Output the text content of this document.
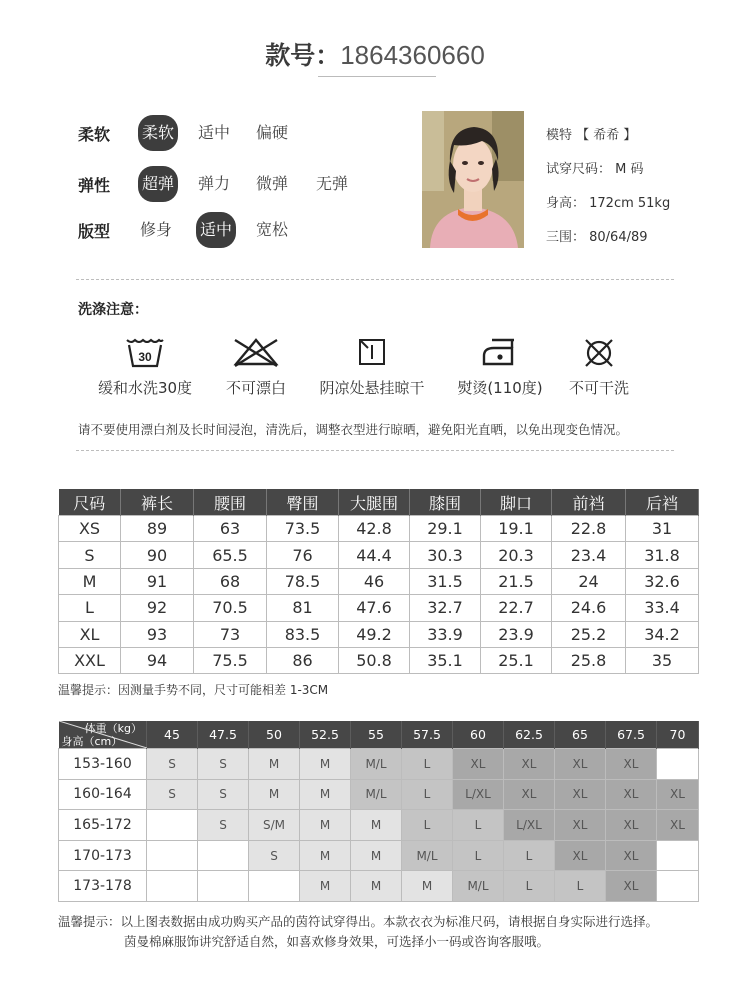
款号：1864360660
柔软 柔软 适中 偏硬
弹性 超弹 弹力 微弹 无弹
版型 修身 适中 宽松
模特 【 希希 】
试穿尺码： M 码
身高： 172cm 51kg
三围： 80/64/89
洗涤注意：
30
缓和水洗30度	不可漂白	阴凉处悬挂晾干	熨烫(110度)	不可干洗
请不要使用漂白剂及长时间浸泡，清洗后，调整衣型进行晾晒，避免阳光直晒，以免出现变色情况。
尺码	裤长	腰围	臀围	大腿围	膝围	脚口	前裆	后裆
XS	89	63	73.5	42.8	29.1	19.1	22.8	31
S	90	65.5	76	44.4	30.3	20.3	23.4	31.8
M	91	68	78.5	46	31.5	21.5	24	32.6
L	92	70.5	81	47.6	32.7	22.7	24.6	33.4
XL	93	73	83.5	49.2	33.9	23.9	25.2	34.2
XXL	94	75.5	86	50.8	35.1	25.1	25.8	35
温馨提示：因测量手势不同，尺寸可能相差 1-3CM
体重（kg）
身高（cm）	45	47.5	50	52.5	55	57.5	60	62.5	65	67.5	70
153-160	S	S	M	M	M/L	L	XL	XL	XL	XL	
160-164	S	S	M	M	M/L	L	L/XL	XL	XL	XL	XL
165-172		S	S/M	M	M	L	L	L/XL	XL	XL	XL
170-173			S	M	M	M/L	L	L	XL	XL	
173-178				M	M	M	M/L	L	L	XL	
温馨提示：以上图表数据由成功购买产品的茵符试穿得出。本款衣衣为标准尺码，请根据自身实际进行选择。
茵曼棉麻服饰讲究舒适自然，如喜欢修身效果，可选择小一码或咨询客服哦。
